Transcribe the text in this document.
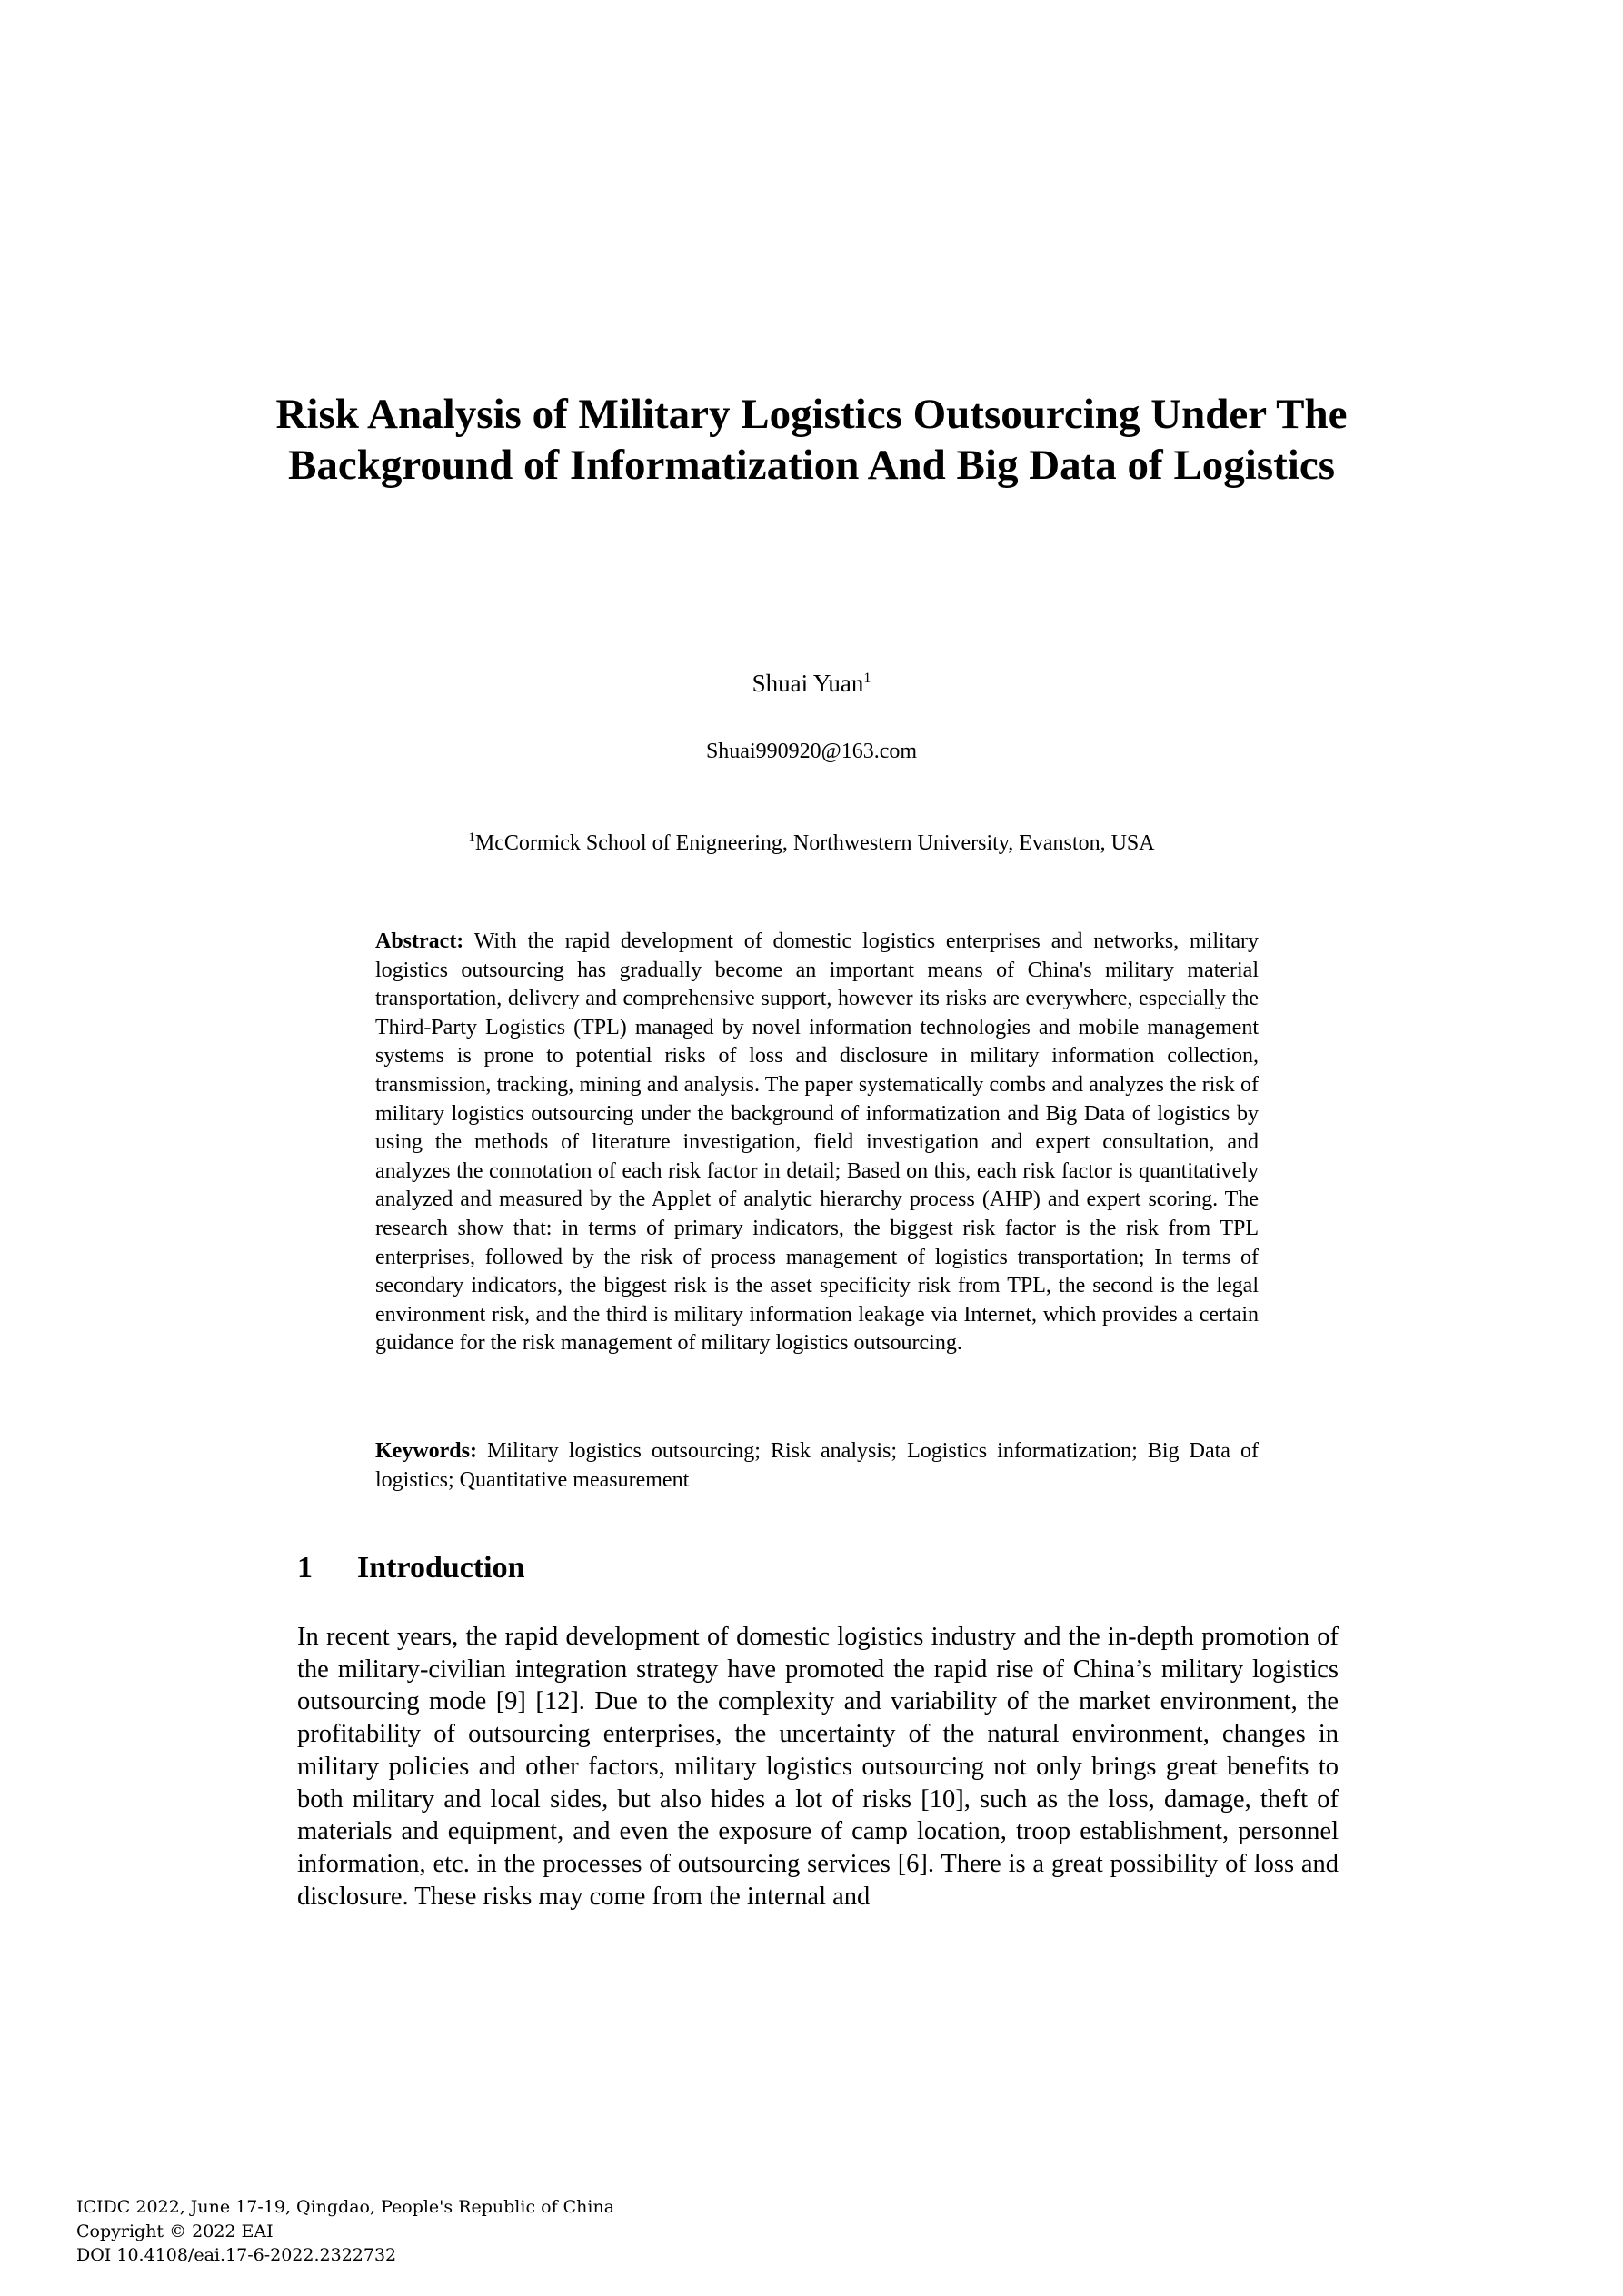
Risk Analysis of Military Logistics Outsourcing Under The Background of Informatization And Big Data of Logistics
Shuai Yuan$^1$
Shuai990920@163.com
$^1$McCormick School of Enigneering, Northwestern University, Evanston, USA

Abstract: With the rapid development of domestic logistics enterprises and networks, military logistics outsourcing has gradually become an important means of China's military material transportation, delivery and comprehensive support, however its risks are everywhere, especially the Third-Party Logistics (TPL) managed by novel information technologies and mobile management systems is prone to potential risks of loss and disclosure in military information collection, transmission, tracking, mining and analysis. The paper systematically combs and analyzes the risk of military logistics outsourcing under the background of informatization and Big Data of logistics by using the methods of literature investigation, field investigation and expert consultation, and analyzes the connotation of each risk factor in detail; Based on this, each risk factor is quantitatively analyzed and measured by the Applet of analytic hierarchy process (AHP) and expert scoring. The research show that: in terms of primary indicators, the biggest risk factor is the risk from TPL enterprises, followed by the risk of process management of logistics transportation; In terms of secondary indicators, the biggest risk is the asset specificity risk from TPL, the second is the legal environment risk, and the third is military information leakage via Internet, which provides a certain guidance for the risk management of military logistics outsourcing.

Keywords: Military logistics outsourcing; Risk analysis; Logistics informatization; Big Data of logistics; Quantitative measurement

1 Introduction

In recent years, the rapid development of domestic logistics industry and the in-depth promotion of the military-civilian integration strategy have promoted the rapid rise of China’s military logistics outsourcing mode [9] [12]. Due to the complexity and variability of the market environment, the profitability of outsourcing enterprises, the uncertainty of the natural environment, changes in military policies and other factors, military logistics outsourcing not only brings great benefits to both military and local sides, but also hides a lot of risks [10], such as the loss, damage, theft of materials and equipment, and even the exposure of camp location, troop establishment, personnel information, etc. in the processes of outsourcing services [6]. There is a great possibility of loss and disclosure. These risks may come from the internal and

ICIDC 2022, June 17-19, Qingdao, People's Republic of China
Copyright © 2022 EAI
DOI 10.4108/eai.17-6-2022.2322732
